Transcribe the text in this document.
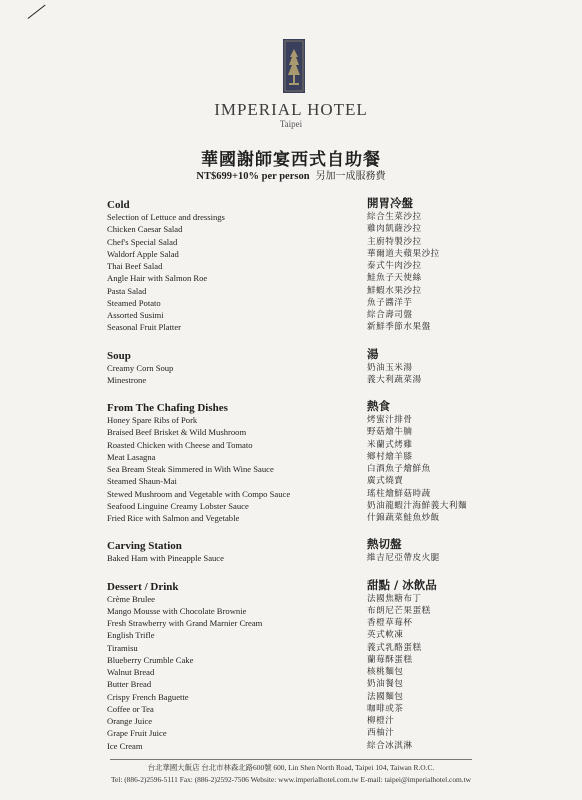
IMPERIAL HOTEL
Taipei
華國謝師宴西式自助餐
NT$699+10% per person 另加一成服務費
Cold	開胃冷盤
Selection of Lettuce and dressings	綜合生菜沙拉
Chicken Caesar Salad	雞肉凱薩沙拉
Chef's Special Salad	主廚特製沙拉
Waldorf Apple Salad	華爾道夫蘋果沙拉
Thai Beef Salad	泰式牛肉沙拉
Angle Hair with Salmon Roe	鮭魚子天使絲
Pasta Salad	鮮蝦水果沙拉
Steamed Potato	魚子醬洋芋
Assorted Susimi	綜合壽司盤
Seasonal Fruit Platter	新鮮季節水果盤
Soup	湯
Creamy Corn Soup	奶油玉米湯
Minestrone	義大利蔬菜湯
From The Chafing Dishes	熱食
Honey Spare Ribs of Pork	烤蜜汁排骨
Braised Beef Brisket & Wild Mushroom	野菇燴牛腩
Roasted Chicken with Cheese and Tomato	米蘭式烤雞
Meat Lasagna	鄉村燴羊膝
Sea Bream Steak Simmered in With Wine Sauce	白酒魚子燴鮮魚
Steamed Shaun-Mai	廣式燒賣
Stewed Mushroom and Vegetable with Compo Sauce	瑤柱燴鮮菇時蔬
Seafood Linguine Creamy Lobster Sauce	奶油龍蝦汁海鮮義大利麵
Fried Rice with Salmon and Vegetable	什錦蔬菜鮭魚炒飯
Carving Station	熱切盤
Baked Ham with Pineapple Sauce	維吉尼亞帶皮火腿
Dessert / Drink	甜點 / 冰飲品
Crème Brulee	法國焦糖布丁
Mango Mousse with Chocolate Brownie	布朗尼芒果蛋糕
Fresh Strawberry with Grand Marnier Cream	香橙草莓杯
English Trifle	英式軟凍
Tiramisu	義式乳酪蛋糕
Blueberry Crumble Cake	蘭莓酥蛋糕
Walnut Bread	核桃麵包
Butter Bread	奶油餐包
Crispy French Baguette	法國麵包
Coffee or Tea	咖啡或茶
Orange Juice	柳橙汁
Grape Fruit Juice	西柚汁
Ice Cream	綜合冰淇淋
台北華國大飯店 台北市林森北路600號 600, Lin Shen North Road, Taipei 104, Taiwan R.O.C.
Tel: (886-2)2596-5111 Fax: (886-2)2592-7506 Website: www.imperialhotel.com.tw E-mail: taipei@imperialhotel.com.tw
